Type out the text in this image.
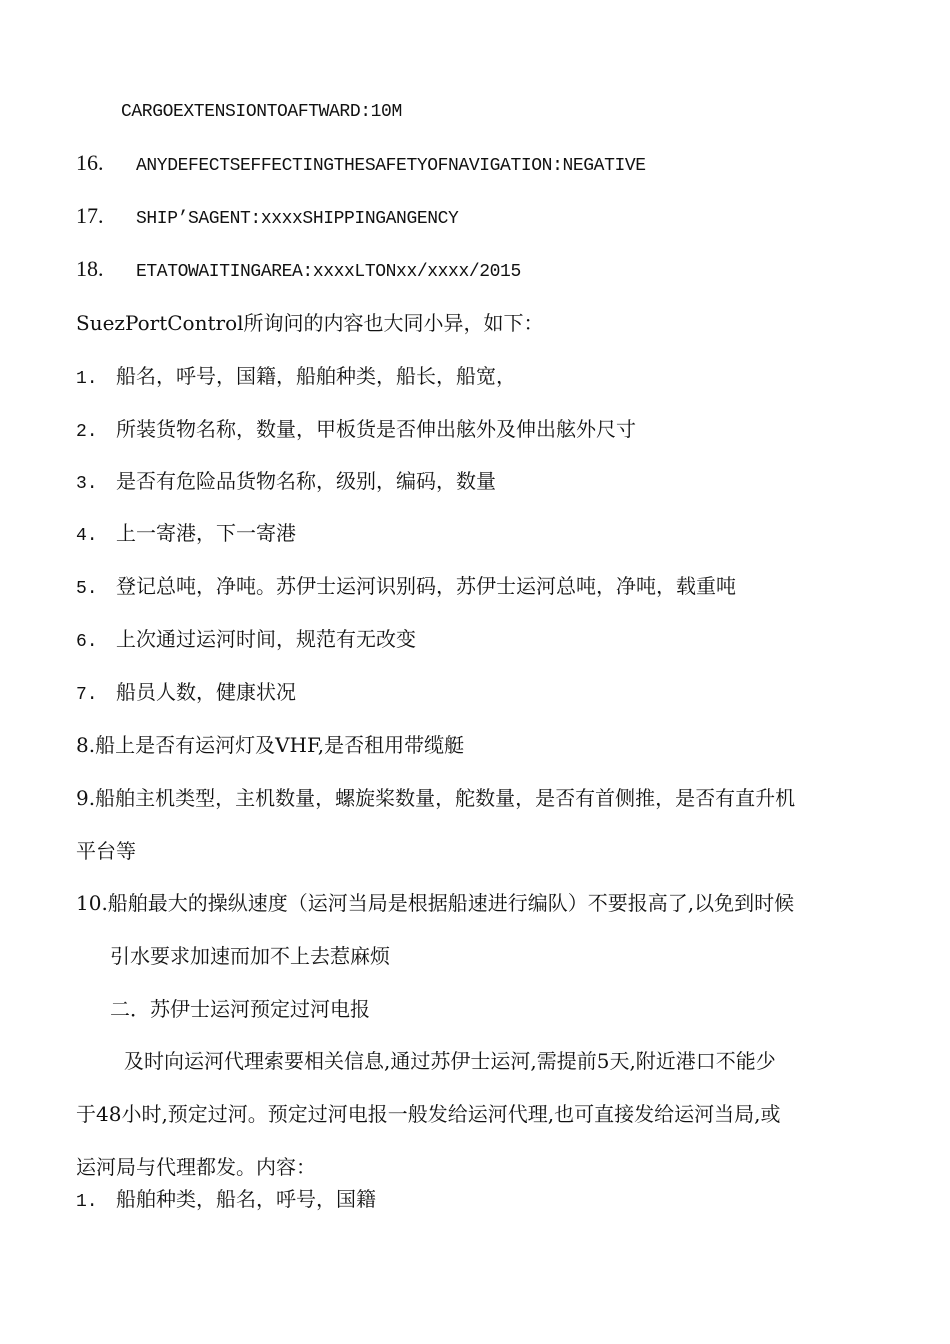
CARGOEXTENSIONTOAFTWARD:10M
16. ANYDEFECTSEFFECTINGTHESAFETYOFNAVIGATION:NEGATIVE
17. SHIP’SAGENT:xxxxSHIPPINGANGENCY
18. ETATOWAITINGAREA:xxxxLTONxx/xxxx/2015
SuezPortControl所询问的内容也大同小异，如下：
1. 船名，呼号，国籍，船舶种类，船长，船宽，
2. 所装货物名称，数量，甲板货是否伸出舷外及伸出舷外尺寸
3. 是否有危险品货物名称，级别，编码，数量
4. 上一寄港，下一寄港
5. 登记总吨，净吨。苏伊士运河识别码，苏伊士运河总吨，净吨，载重吨
6. 上次通过运河时间，规范有无改变
7. 船员人数，健康状况
8.船上是否有运河灯及VHF,是否租用带缆艇
9.船舶主机类型，主机数量，螺旋桨数量，舵数量，是否有首侧推，是否有直升机
平台等
10.船舶最大的操纵速度（运河当局是根据船速进行编队）不要报高了,以免到时候
引水要求加速而加不上去惹麻烦
二．苏伊士运河预定过河电报
及时向运河代理索要相关信息,通过苏伊士运河,需提前5天,附近港口不能少
于48小时,预定过河。预定过河电报一般发给运河代理,也可直接发给运河当局,或
运河局与代理都发。内容：
1. 船舶种类，船名，呼号，国籍
